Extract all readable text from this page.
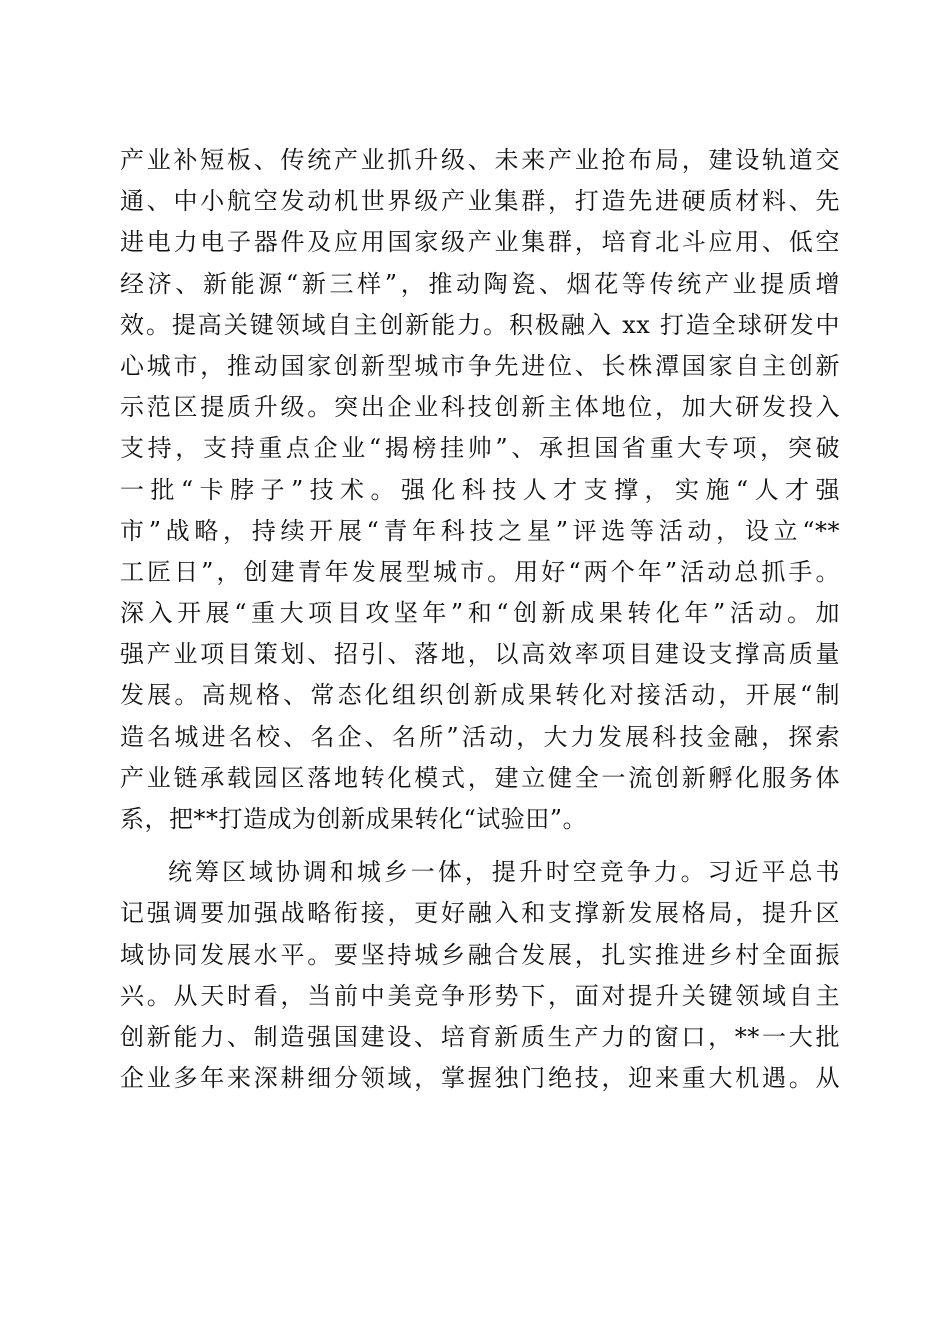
产业补短板、传统产业抓升级、未来产业抢布局，建设轨道交
通、中小航空发动机世界级产业集群，打造先进硬质材料、先
进电力电子器件及应用国家级产业集群，培育北斗应用、低空
经济、新能源“新三样”，推动陶瓷、烟花等传统产业提质增
效。提高关键领域自主创新能力。积极融入 xx 打造全球研发中
心城市，推动国家创新型城市争先进位、长株潭国家自主创新
示范区提质升级。突出企业科技创新主体地位，加大研发投入
支持，支持重点企业“揭榜挂帅”、承担国省重大专项，突破
一批“卡脖子”技术。强化科技人才支撑，实施“人才强
市”战略，持续开展“青年科技之星”评选等活动，设立“**
工匠日”，创建青年发展型城市。用好“两个年”活动总抓手。
深入开展“重大项目攻坚年”和“创新成果转化年”活动。加
强产业项目策划、招引、落地，以高效率项目建设支撑高质量
发展。高规格、常态化组织创新成果转化对接活动，开展“制
造名城进名校、名企、名所”活动，大力发展科技金融，探索
产业链承载园区落地转化模式，建立健全一流创新孵化服务体
系，把**打造成为创新成果转化“试验田”。
统筹区域协调和城乡一体，提升时空竞争力。习近平总书
记强调要加强战略衔接，更好融入和支撑新发展格局，提升区
域协同发展水平。要坚持城乡融合发展，扎实推进乡村全面振
兴。从天时看，当前中美竞争形势下，面对提升关键领域自主
创新能力、制造强国建设、培育新质生产力的窗口，**一大批
企业多年来深耕细分领域，掌握独门绝技，迎来重大机遇。从
